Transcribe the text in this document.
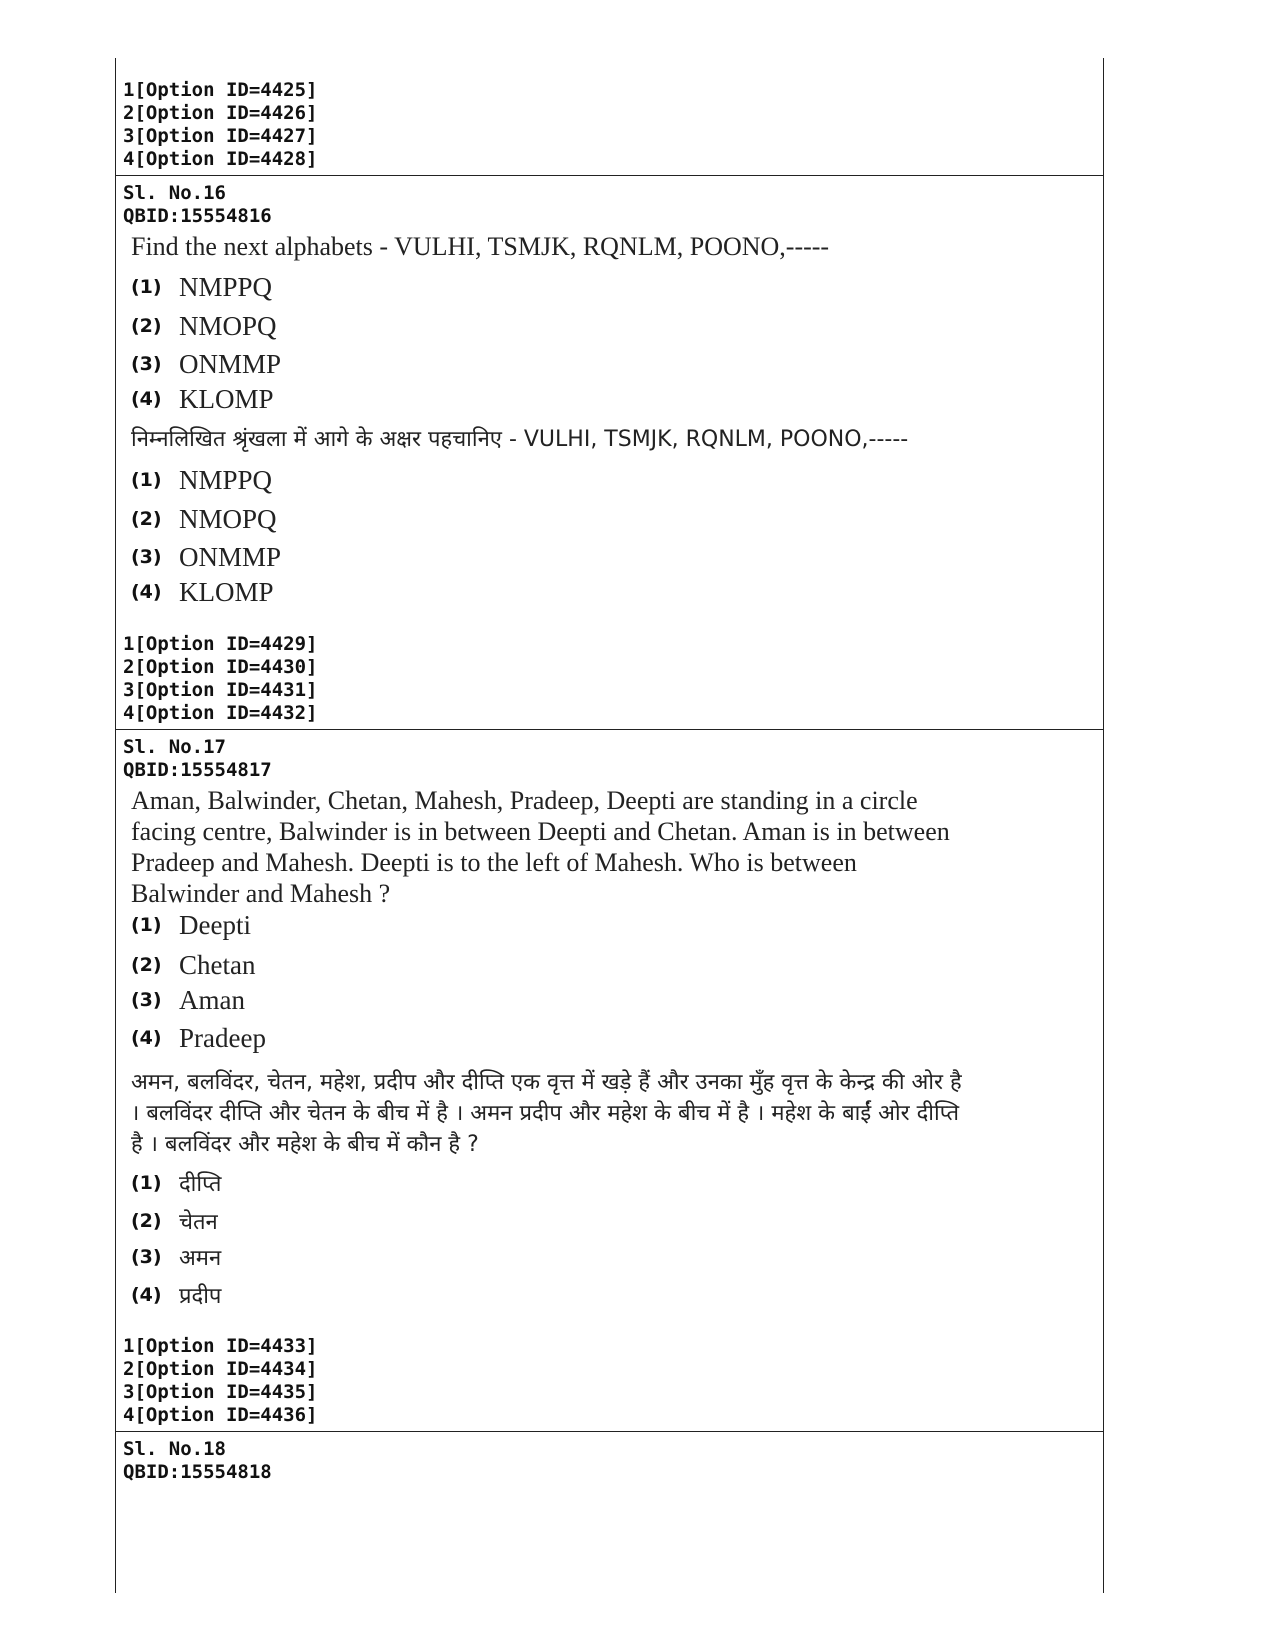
1[Option ID=4425]
2[Option ID=4426]
3[Option ID=4427]
4[Option ID=4428]
Sl. No.16
QBID:15554816
Find the next alphabets - VULHI, TSMJK, RQNLM, POONO,-----
(1) NMPPQ
(2) NMOPQ
(3) ONMMP
(4) KLOMP
निम्नलिखित श्रृंखला में आगे के अक्षर पहचानिए - VULHI, TSMJK, RQNLM, POONO,-----
(1) NMPPQ
(2) NMOPQ
(3) ONMMP
(4) KLOMP
1[Option ID=4429]
2[Option ID=4430]
3[Option ID=4431]
4[Option ID=4432]
Sl. No.17
QBID:15554817
Aman, Balwinder, Chetan, Mahesh, Pradeep, Deepti are standing in a circle
facing centre, Balwinder is in between Deepti and Chetan. Aman is in between
Pradeep and Mahesh. Deepti is to the left of Mahesh. Who is between
Balwinder and Mahesh ?
(1) Deepti
(2) Chetan
(3) Aman
(4) Pradeep
अमन, बलविंदर, चेतन, महेश, प्रदीप और दीप्ति एक वृत्त में खड़े हैं और उनका मुँह वृत्त के केन्द्र की ओर है
। बलविंदर दीप्ति और चेतन के बीच में है । अमन प्रदीप और महेश के बीच में है । महेश के बाईं ओर दीप्ति
है । बलविंदर और महेश के बीच में कौन है ?
(1) दीप्ति
(2) चेतन
(3) अमन
(4) प्रदीप
1[Option ID=4433]
2[Option ID=4434]
3[Option ID=4435]
4[Option ID=4436]
Sl. No.18
QBID:15554818
